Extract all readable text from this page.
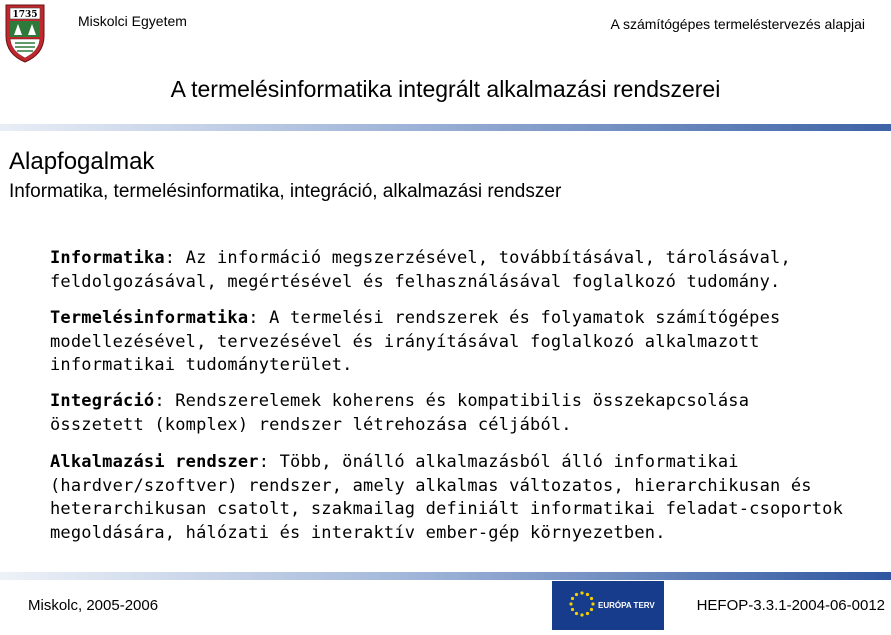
1735	Miskolci Egyetem	A számítógépes termeléstervezés alapjai
A termelésinformatika integrált alkalmazási rendszerei
Alapfogalmak
Informatika, termelésinformatika, integráció, alkalmazási rendszer
Informatika: Az információ megszerzésével, továbbításával, tárolásával, feldolgozásával, megértésével és felhasználásával foglalkozó tudomány.
Termelésinformatika: A termelési rendszerek és folyamatok számítógépes modellezésével, tervezésével és irányításával foglalkozó alkalmazott informatikai tudományterület.
Integráció: Rendszerelemek koherens és kompatibilis összekapcsolása összetett (komplex) rendszer létrehozása céljából.
Alkalmazási rendszer: Több, önálló alkalmazásból álló informatikai (hardver/szoftver) rendszer, amely alkalmas változatos, hierarchikusan és heterarchikusan csatolt, szakmailag definiált informatikai feladat-csoportok megoldására, hálózati és interaktív ember-gép környezetben.
Miskolc, 2005-2006	EURÓPA TERV	HEFOP-3.3.1-2004-06-0012
